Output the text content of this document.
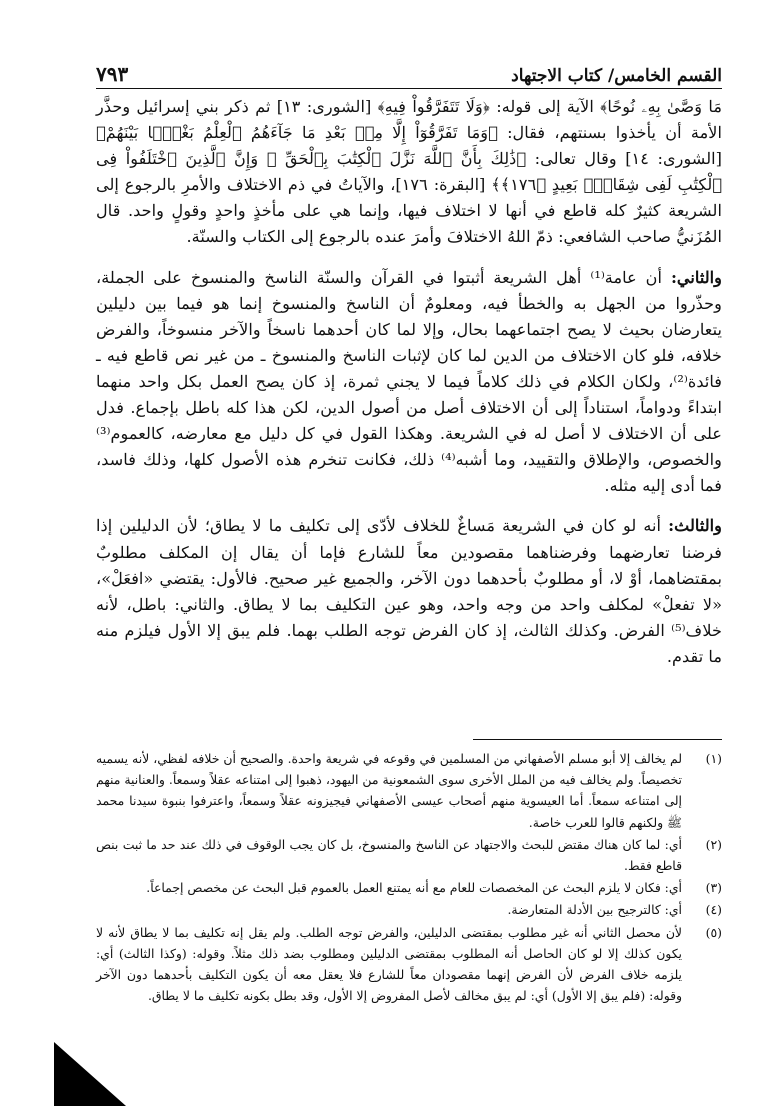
القسم الخامس/ كتاب الاجتهاد
٧٩٣

مَا وَصَّىٰ بِهِۦ نُوحًا﴾ الآية إلى قوله: ﴿وَلَا تَتَفَرَّقُواْ فِيهِ﴾ [الشورى: ١٣] ثم ذكر بني إسرائيل وحذَّر الأمة أن يأخذوا بسنتهم، فقال: ﴿وَمَا تَفَرَّقُوٓاْ إِلَّا مِنۢ بَعْدِ مَا جَآءَهُمُ ٱلْعِلْمُ بَغْيًۢا بَيْنَهُمْ﴾ [الشورى: ١٤] وقال تعالى: ﴿ذَٰلِكَ بِأَنَّ ٱللَّهَ نَزَّلَ ٱلْكِتَٰبَ بِٱلْحَقِّ ۗ وَإِنَّ ٱلَّذِينَ ٱخْتَلَفُواْ فِى ٱلْكِتَٰبِ لَفِى شِقَاقٍۭ بَعِيدٍ ﴿١٧٦﴾﴾ [البقرة: ١٧٦]، والآياتُ في ذم الاختلاف والأمرِ بالرجوع إلى الشريعة كثيرٌ كله قاطع في أنها لا اختلاف فيها، وإنما هي على مأخذٍ واحدٍ وقولٍ واحد. قال المُزَنيُّ صاحب الشافعي: ذمّ اللهُ الاختلافَ وأمرَ عنده بالرجوع إلى الكتاب والسنّة.

والثاني: أن عامة⁽¹⁾ أهل الشريعة أثبتوا في القرآن والسنّة الناسخ والمنسوخ على الجملة، وحذّروا من الجهل به والخطأ فيه، ومعلومٌ أن الناسخ والمنسوخ إنما هو فيما بين دليلين يتعارضان بحيث لا يصح اجتماعهما بحال، وإلا لما كان أحدهما ناسخاً والآخر منسوخاً، والفرض خلافه، فلو كان الاختلاف من الدين لما كان لإثبات الناسخ والمنسوخ ـ من غير نص قاطع فيه ـ فائدة⁽²⁾، ولكان الكلام في ذلك كلاماً فيما لا يجني ثمرة، إذ كان يصح العمل بكل واحد منهما ابتداءً ودواماً، استناداً إلى أن الاختلاف أصل من أصول الدين، لكن هذا كله باطل بإجماع. فدل على أن الاختلاف لا أصل له في الشريعة. وهكذا القول في كل دليل مع معارضه، كالعموم⁽³⁾ والخصوص، والإطلاق والتقييد، وما أشبه⁽⁴⁾ ذلك، فكانت تنخرم هذه الأصول كلها، وذلك فاسد، فما أدى إليه مثله.

والثالث: أنه لو كان في الشريعة مَساغٌ للخلاف لأدّى إلى تكليف ما لا يطاق؛ لأن الدليلين إذا فرضنا تعارضهما وفرضناهما مقصودين معاً للشارع فإما أن يقال إن المكلف مطلوبٌ بمقتضاهما، أوْ لا، أو مطلوبٌ بأحدهما دون الآخر، والجميع غير صحيح. فالأول: يقتضي «افعَلْ»، «لا تفعلْ» لمكلف واحد من وجه واحد، وهو عين التكليف بما لا يطاق. والثاني: باطل، لأنه خلاف⁽⁵⁾ الفرض. وكذلك الثالث، إذ كان الفرض توجه الطلب بهما. فلم يبق إلا الأول فيلزم منه ما تقدم.

(١)
لم يخالف إلا أبو مسلم الأصفهاني من المسلمين في وقوعه في شريعة واحدة. والصحيح أن خلافه لفظي، لأنه يسميه تخصيصاً. ولم يخالف فيه من الملل الأخرى سوى الشمعونية من اليهود، ذهبوا إلى امتناعه عقلاً وسمعاً. والعنانية منهم إلى امتناعه سمعاً. أما العيسوية منهم أصحاب عيسى الأصفهاني فيجيزونه عقلاً وسمعاً، واعترفوا بنبوة سيدنا محمد ﷺ ولكنهم قالوا للعرب خاصة.
(٢)
أي: لما كان هناك مقتض للبحث والاجتهاد عن الناسخ والمنسوخ، بل كان يجب الوقوف في ذلك عند حد ما ثبت بنص قاطع فقط.
(٣)
أي: فكان لا يلزم البحث عن المخصصات للعام مع أنه يمتنع العمل بالعموم قبل البحث عن مخصص إجماعاً.
(٤)
أي: كالترجيح بين الأدلة المتعارضة.
(٥)
لأن محصل الثاني أنه غير مطلوب بمقتضى الدليلين، والفرض توجه الطلب. ولم يقل إنه تكليف بما لا يطاق لأنه لا يكون كذلك إلا لو كان الحاصل أنه المطلوب بمقتضى الدليلين ومطلوب بضد ذلك مثلاً. وقوله: (وكذا الثالث) أي: يلزمه خلاف الفرض لأن الفرض إنهما مقصودان معاً للشارع فلا يعقل معه أن يكون التكليف بأحدهما دون الآخر وقوله: (فلم يبق إلا الأول) أي: لم يبق مخالف لأصل المفروض إلا الأول، وقد بطل بكونه تكليف ما لا يطاق.
